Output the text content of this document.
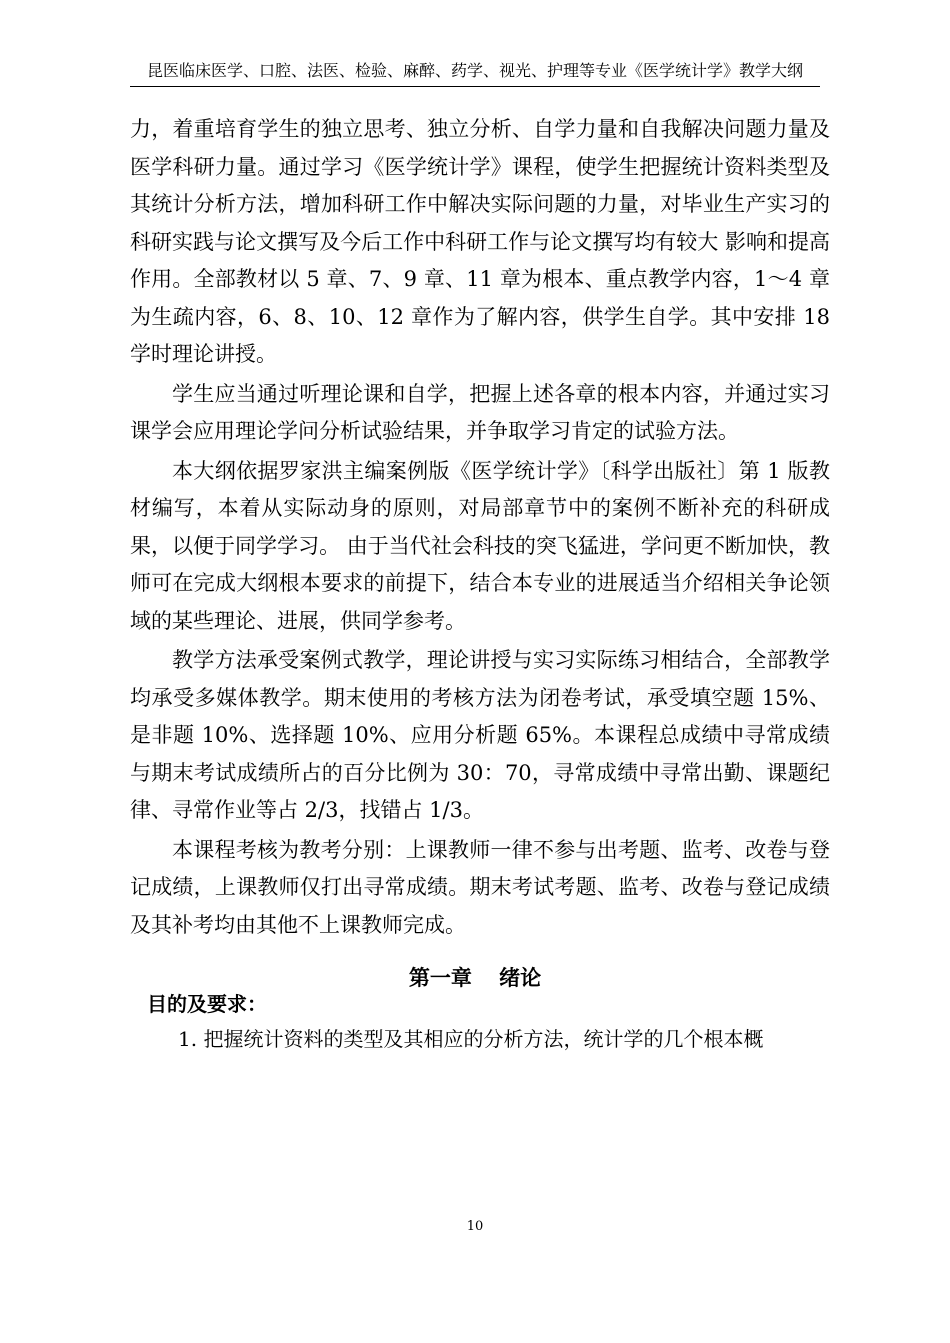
昆医临床医学、口腔、法医、检验、麻醉、药学、视光、护理等专业《医学统计学》教学大纲

力，着重培育学生的独立思考、独立分析、自学力量和自我解决问题力量及医学科研力量。通过学习《医学统计学》课程，使学生把握统计资料类型及其统计分析方法，增加科研工作中解决实际问题的力量，对毕业生产实习的科研实践与论文撰写及今后工作中科研工作与论文撰写均有较大 影响和提高作用。全部教材以 5 章、7、9 章、11 章为根本、重点教学内容，1～4 章为生疏内容，6、8、10、12 章作为了解内容，供学生自学。其中安排 18 学时理论讲授。

学生应当通过听理论课和自学，把握上述各章的根本内容，并通过实习课学会应用理论学问分析试验结果，并争取学习肯定的试验方法。

本大纲依据罗家洪主编案例版《医学统计学》〔科学出版社〕第 1 版教材编写，本着从实际动身的原则，对局部章节中的案例不断补充的科研成果，以便于同学学习。 由于当代社会科技的突飞猛进，学问更不断加快，教师可在完成大纲根本要求的前提下，结合本专业的进展适当介绍相关争论领域的某些理论、进展，供同学参考。

教学方法承受案例式教学，理论讲授与实习实际练习相结合，全部教学均承受多媒体教学。期末使用的考核方法为闭卷考试，承受填空题 15%、是非题 10%、选择题 10%、应用分析题 65%。本课程总成绩中寻常成绩与期末考试成绩所占的百分比例为 30：70，寻常成绩中寻常出勤、课题纪律、寻常作业等占 2/3，找错占 1/3。

本课程考核为教考分别：上课教师一律不参与出考题、监考、改卷与登记成绩，上课教师仅打出寻常成绩。期末考试考题、监考、改卷与登记成绩及其补考均由其他不上课教师完成。

第一章 绪论
目的及要求：
1. 把握统计资料的类型及其相应的分析方法，统计学的几个根本概
10
